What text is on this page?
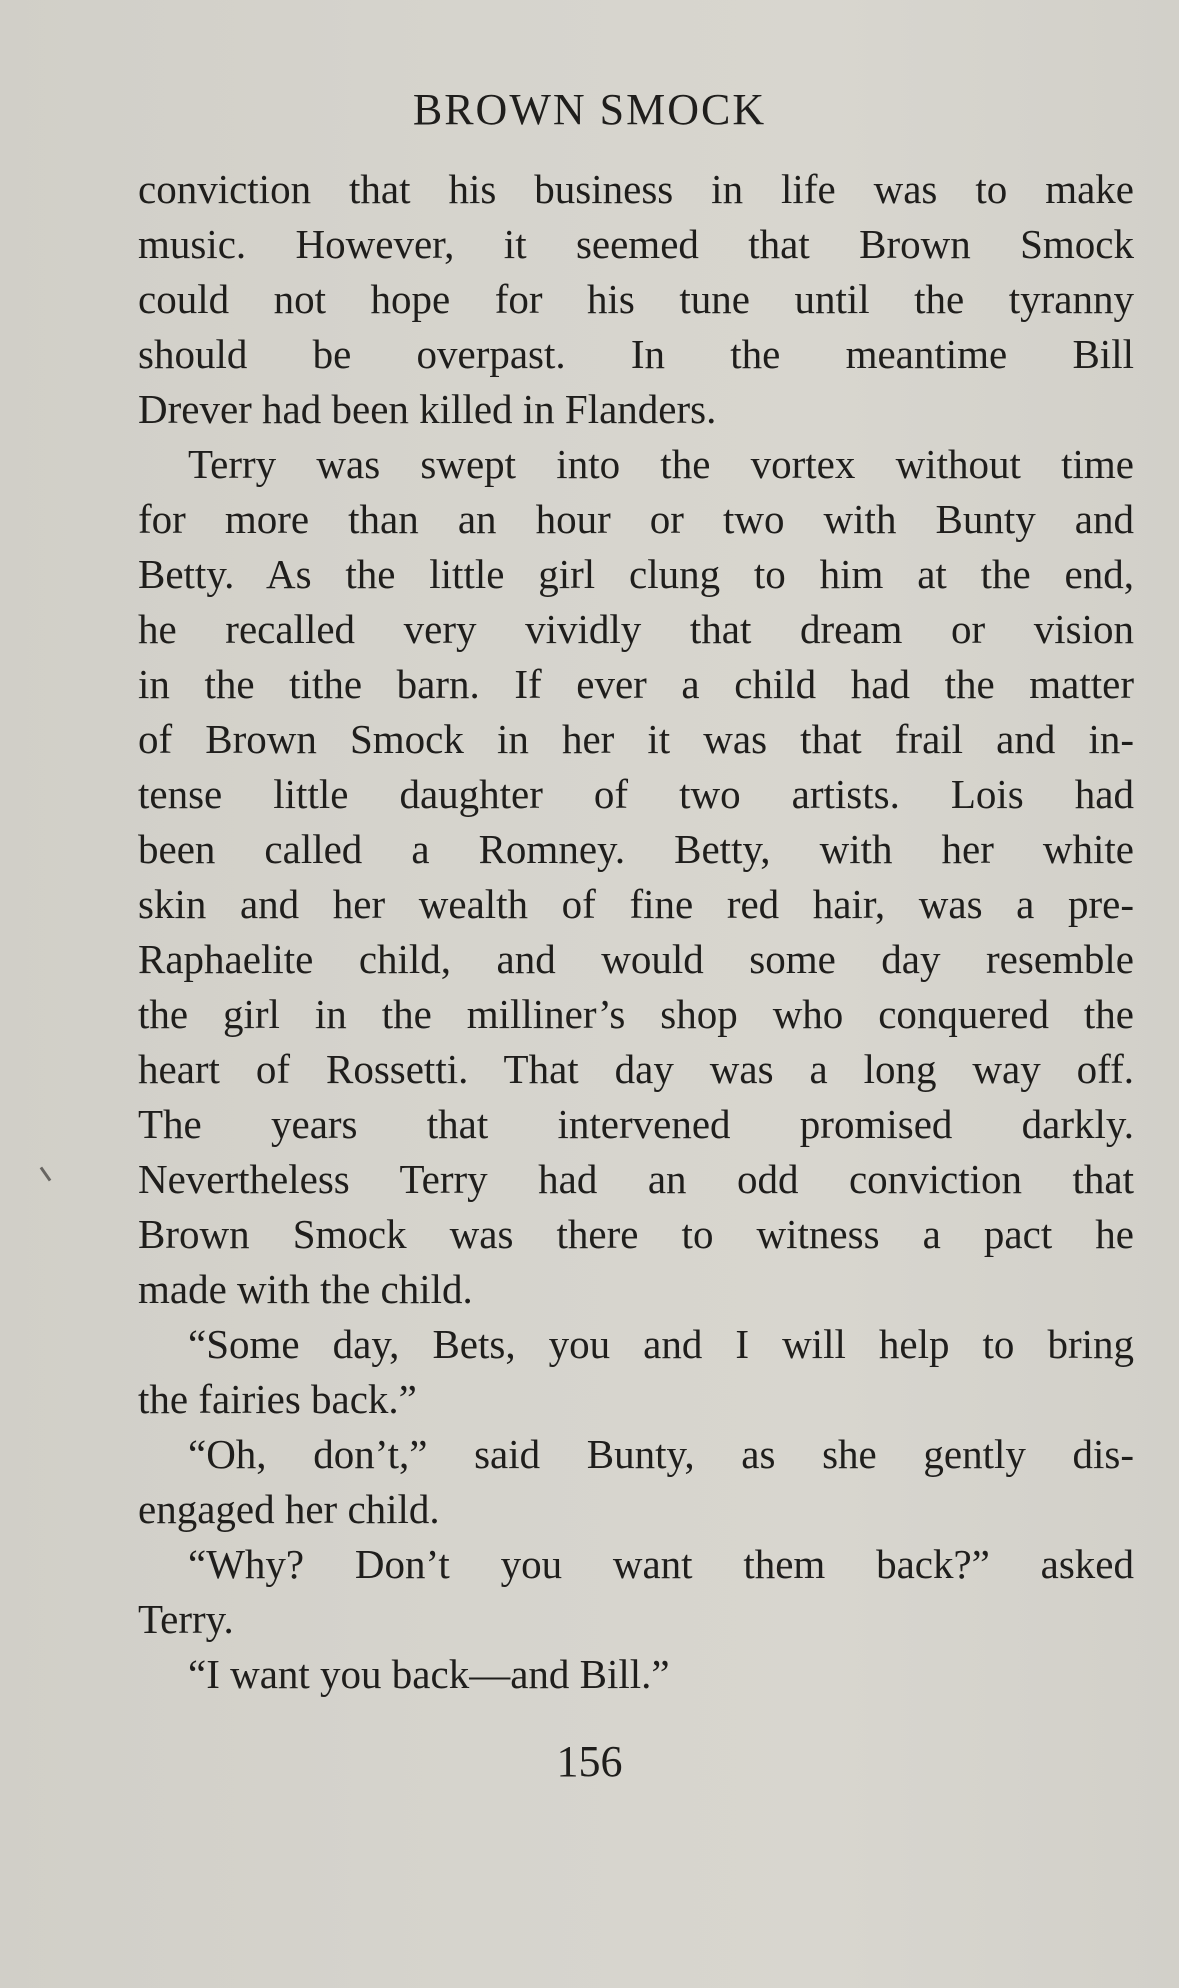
BROWN SMOCK
conviction that his business in life was to make
music. However, it seemed that Brown Smock
could not hope for his tune until the tyranny
should be overpast. In the meantime Bill
Drever had been killed in Flanders.
Terry was swept into the vortex without time
for more than an hour or two with Bunty and
Betty. As the little girl clung to him at the end,
he recalled very vividly that dream or vision
in the tithe barn. If ever a child had the matter
of Brown Smock in her it was that frail and in-
tense little daughter of two artists. Lois had
been called a Romney. Betty, with her white
skin and her wealth of fine red hair, was a pre-
Raphaelite child, and would some day resemble
the girl in the milliner’s shop who conquered the
heart of Rossetti. That day was a long way off.
The years that intervened promised darkly.
Nevertheless Terry had an odd conviction that
Brown Smock was there to witness a pact he
made with the child.
“Some day, Bets, you and I will help to bring
the fairies back.”
“Oh, don’t,” said Bunty, as she gently dis-
engaged her child.
“Why? Don’t you want them back?” asked
Terry.
“I want you back—and Bill.”
156
